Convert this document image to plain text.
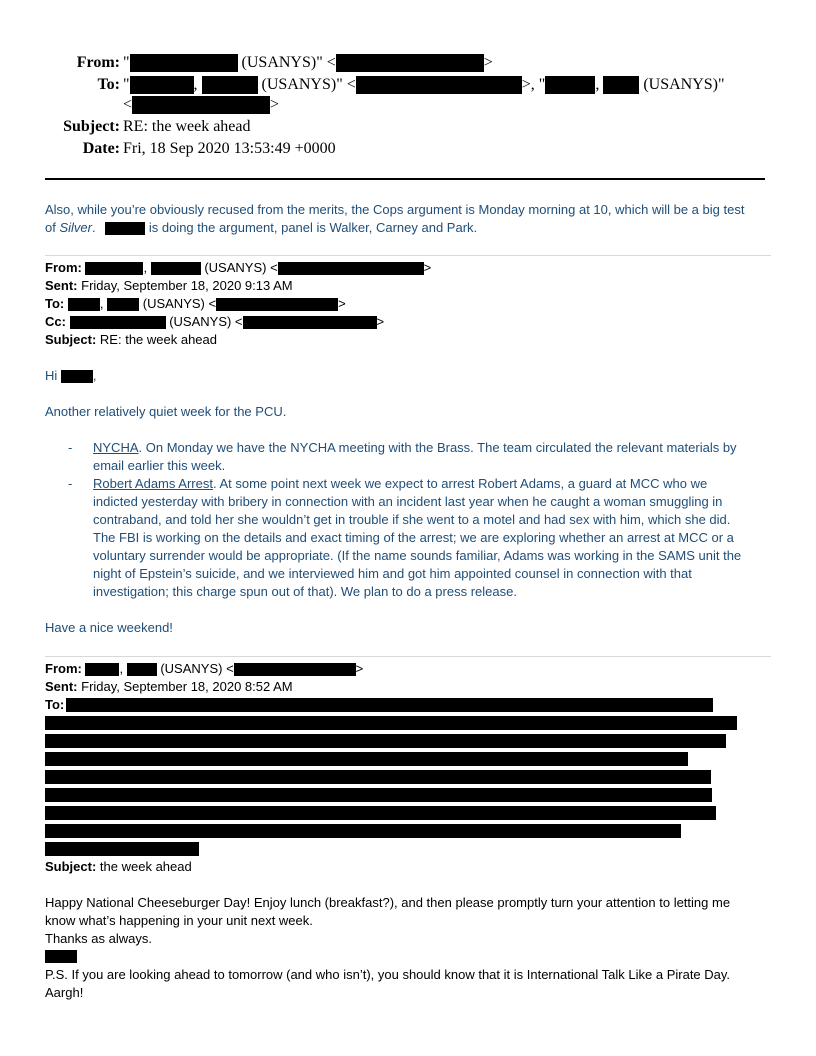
From: "	(USANYS)" <	>
To: "	,	(USANYS)" <	>, "	,	(USANYS)"
<	>
Subject: RE: the week ahead
Date: Fri, 18 Sep 2020 13:53:49 +0000
Also, while you’re obviously recused from the merits, the Cops argument is Monday morning at 10, which will be a big test
of Silver.	is doing the argument, panel is Walker, Carney and Park.
From:	,	(USANYS) <	>
Sent: Friday, September 18, 2020 9:13 AM
To:	,	(USANYS) <	>
Cc:	(USANYS) <	>
Subject: RE: the week ahead
Hi	,
Another relatively quiet week for the PCU.
- NYCHA. On Monday we have the NYCHA meeting with the Brass. The team circulated the relevant materials by
email earlier this week.
- Robert Adams Arrest. At some point next week we expect to arrest Robert Adams, a guard at MCC who we
indicted yesterday with bribery in connection with an incident last year when he caught a woman smuggling in
contraband, and told her she wouldn’t get in trouble if she went to a motel and had sex with him, which she did.
The FBI is working on the details and exact timing of the arrest; we are exploring whether an arrest at MCC or a
voluntary surrender would be appropriate. (If the name sounds familiar, Adams was working in the SAMS unit the
night of Epstein’s suicide, and we interviewed him and got him appointed counsel in connection with that
investigation; this charge spun out of that). We plan to do a press release.
Have a nice weekend!
From:	,	(USANYS) <	>
Sent: Friday, September 18, 2020 8:52 AM
To:
Subject: the week ahead
Happy National Cheeseburger Day! Enjoy lunch (breakfast?), and then please promptly turn your attention to letting me
know what’s happening in your unit next week.
Thanks as always.
P.S. If you are looking ahead to tomorrow (and who isn’t), you should know that it is International Talk Like a Pirate Day.
Aargh!
